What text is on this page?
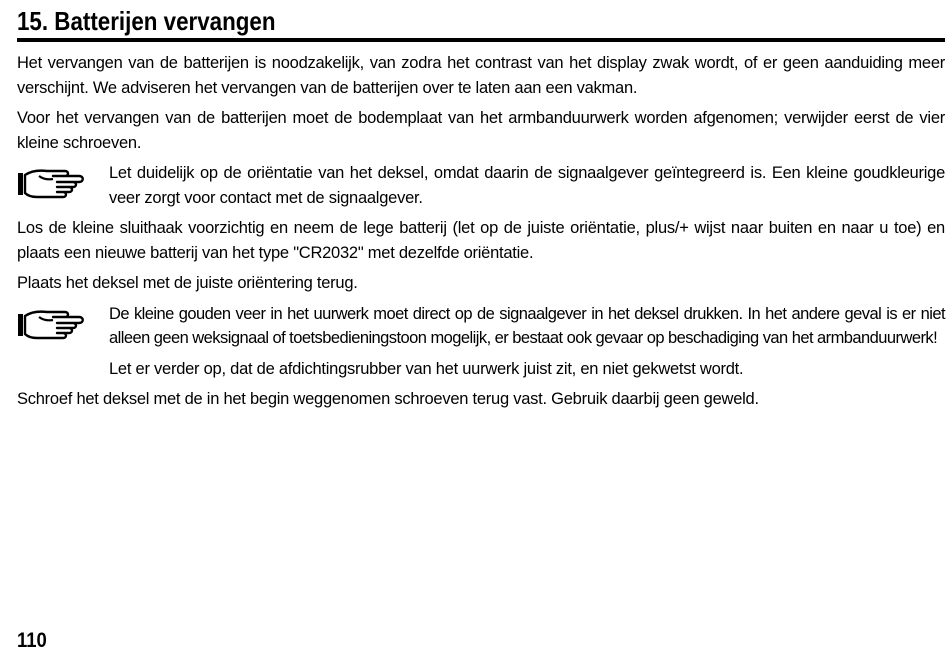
15. Batterijen vervangen

Het vervangen van de batterijen is noodzakelijk, van zodra het contrast van het display zwak wordt, of er geen aanduiding meer verschijnt. We adviseren het vervangen van de batterijen over te laten aan een vakman.

Voor het vervangen van de batterijen moet de bodemplaat van het armbanduurwerk worden afgenomen; verwijder eerst de vier kleine schroeven.

Let duidelijk op de oriëntatie van het deksel, omdat daarin de signaalgever geïntegreerd is. Een kleine goudkleurige veer zorgt voor contact met de signaalgever.

Los de kleine sluithaak voorzichtig en neem de lege batterij (let op de juiste oriëntatie, plus/+ wijst naar buiten en naar u toe) en plaats een nieuwe batterij van het type "CR2032" met dezelfde oriëntatie.

Plaats het deksel met de juiste oriëntering terug.

De kleine gouden veer in het uurwerk moet direct op de signaalgever in het deksel drukken. In het andere geval is er niet alleen geen weksignaal of toetsbedieningstoon mogelijk, er bestaat ook gevaar op beschadiging van het armbanduurwerk!

Let er verder op, dat de afdichtingsrubber van het uurwerk juist zit, en niet gekwetst wordt.

Schroef het deksel met de in het begin weggenomen schroeven terug vast. Gebruik daarbij geen geweld.

110
